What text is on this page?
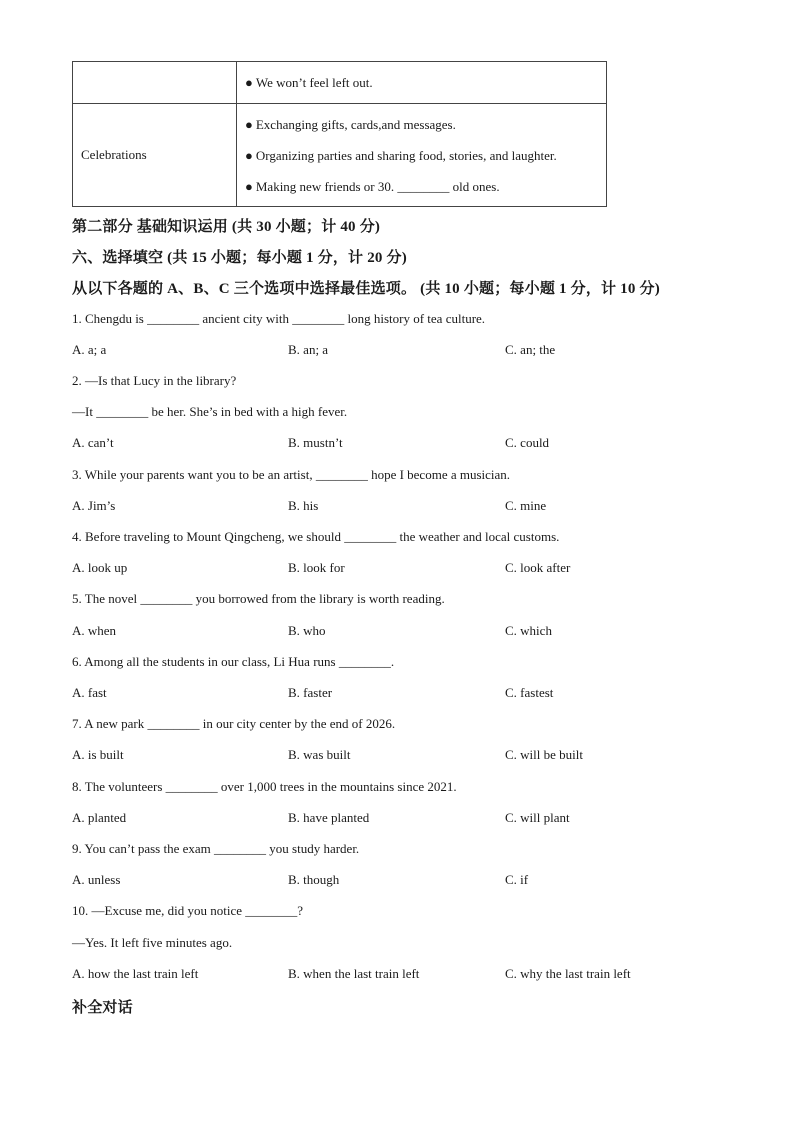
	● We won’t feel left out.

Celebrations	● Exchanging gifts, cards,and messages.
● Organizing parties and sharing food, stories, and laughter.
● Making new friends or 30. ________ old ones.
第二部分 基础知识运用 (共 30 小题；计 40 分)
六、选择填空 (共 15 小题；每小题 1 分，计 20 分)
从以下各题的 A、B、C 三个选项中选择最佳选项。 (共 10 小题；每小题 1 分，计 10 分)
1. Chengdu is ________ ancient city with ________ long history of tea culture.
A. a; a	B. an; a	C. an; the
2. —Is that Lucy in the library?
—It ________ be her. She’s in bed with a high fever.
A. can’t	B. mustn’t	C. could
3. While your parents want you to be an artist, ________ hope I become a musician.
A. Jim’s	B. his	C. mine
4. Before traveling to Mount Qingcheng, we should ________ the weather and local customs.
A. look up	B. look for	C. look after
5. The novel ________ you borrowed from the library is worth reading.
A. when	B. who	C. which
6. Among all the students in our class, Li Hua runs ________.
A. fast	B. faster	C. fastest
7. A new park ________ in our city center by the end of 2026.
A. is built	B. was built	C. will be built
8. The volunteers ________ over 1,000 trees in the mountains since 2021.
A. planted	B. have planted	C. will plant
9. You can’t pass the exam ________ you study harder.
A. unless	B. though	C. if
10. —Excuse me, did you notice ________?
—Yes. It left five minutes ago.
A. how the last train left	B. when the last train left	C. why the last train left
补全对话
